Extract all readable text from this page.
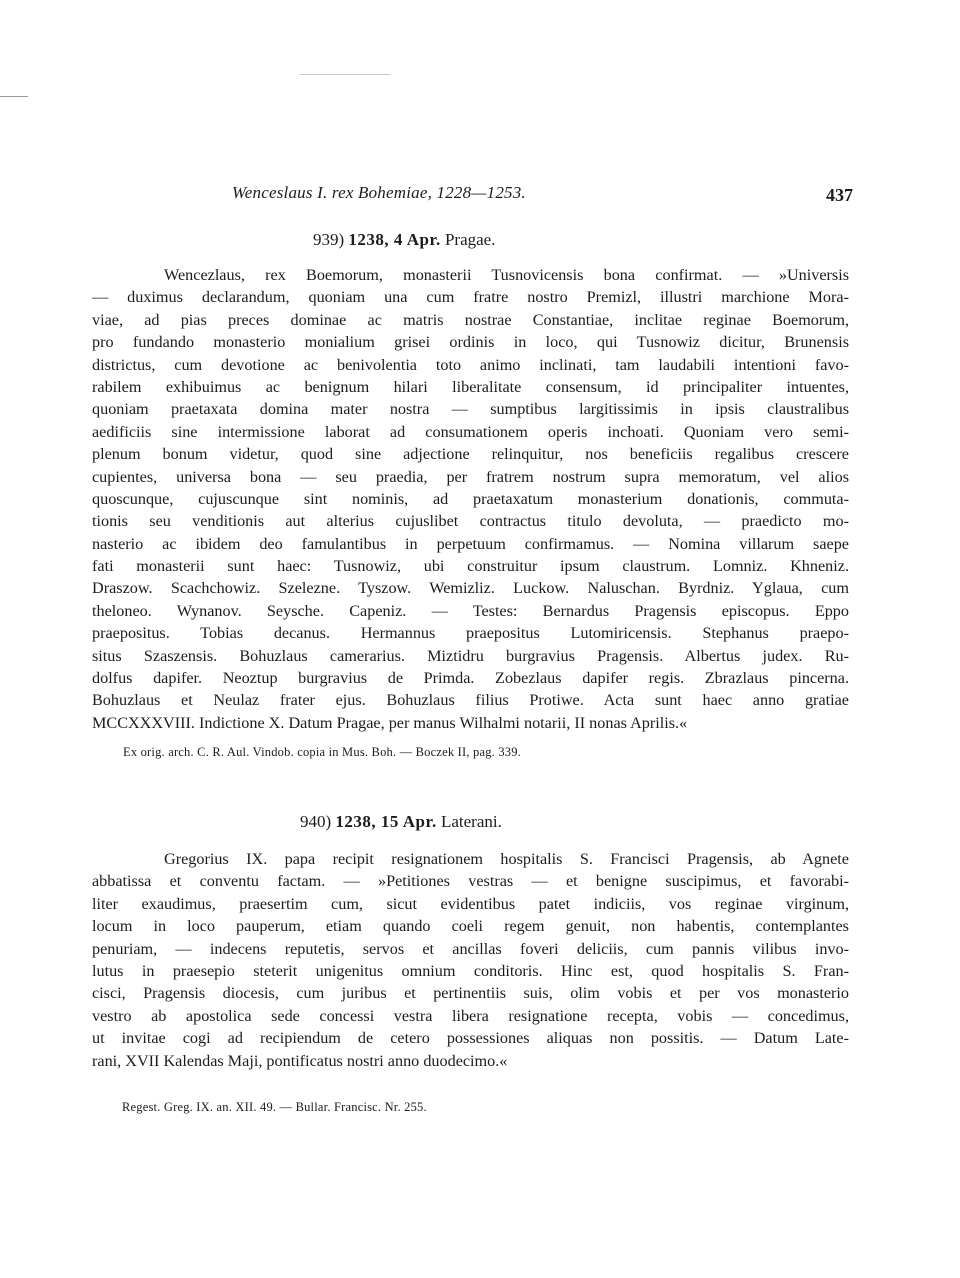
Wenceslaus I. rex Bohemiae, 1228—1253.	437
939) 1238, 4 Apr. Pragae.
Wencezlaus, rex Boemorum, monasterii Tusnovicensis bona confirmat. — »Universis
— duximus declarandum, quoniam una cum fratre nostro Premizl, illustri marchione Mora-
viae, ad pias preces dominae ac matris nostrae Constantiae, inclitae reginae Boemorum,
pro fundando monasterio monialium grisei ordinis in loco, qui Tusnowiz dicitur, Brunensis
districtus, cum devotione ac benivolentia toto animo inclinati, tam laudabili intentioni favo-
rabilem exhibuimus ac benignum hilari liberalitate consensum, id principaliter intuentes,
quoniam praetaxata domina mater nostra — sumptibus largitissimis in ipsis claustralibus
aedificiis sine intermissione laborat ad consumationem operis inchoati. Quoniam vero semi-
plenum bonum videtur, quod sine adjectione relinquitur, nos beneficiis regalibus crescere
cupientes, universa bona — seu praedia, per fratrem nostrum supra memoratum, vel alios
quoscunque, cujuscunque sint nominis, ad praetaxatum monasterium donationis, commuta-
tionis seu venditionis aut alterius cujuslibet contractus titulo devoluta, — praedicto mo-
nasterio ac ibidem deo famulantibus in perpetuum confirmamus. — Nomina villarum saepe
fati monasterii sunt haec: Tusnowiz, ubi construitur ipsum claustrum. Lomniz. Khneniz.
Draszow. Scachchowiz. Szelezne. Tyszow. Wemizliz. Luckow. Naluschan. Byrdniz. Yglaua, cum
theloneo. Wynanov. Seysche. Capeniz. — Testes: Bernardus Pragensis episcopus. Eppo
praepositus. Tobias decanus. Hermannus praepositus Lutomiricensis. Stephanus praepo-
situs Szaszensis. Bohuzlaus camerarius. Miztidru burgravius Pragensis. Albertus judex. Ru-
dolfus dapifer. Neoztup burgravius de Primda. Zobezlaus dapifer regis. Zbrazlaus pincerna.
Bohuzlaus et Neulaz frater ejus. Bohuzlaus filius Protiwe. Acta sunt haec anno gratiae
MCCXXXVIII. Indictione X. Datum Pragae, per manus Wilhalmi notarii, II nonas Aprilis.«
Ex orig. arch. C. R. Aul. Vindob. copia in Mus. Boh. — Boczek II, pag. 339.
940) 1238, 15 Apr. Laterani.
Gregorius IX. papa recipit resignationem hospitalis S. Francisci Pragensis, ab Agnete
abbatissa et conventu factam. — »Petitiones vestras — et benigne suscipimus, et favorabi-
liter exaudimus, praesertim cum, sicut evidentibus patet indiciis, vos reginae virginum,
locum in loco pauperum, etiam quando coeli regem genuit, non habentis, contemplantes
penuriam, — indecens reputetis, servos et ancillas foveri deliciis, cum pannis vilibus invo-
lutus in praesepio steterit unigenitus omnium conditoris. Hinc est, quod hospitalis S. Fran-
cisci, Pragensis diocesis, cum juribus et pertinentiis suis, olim vobis et per vos monasterio
vestro ab apostolica sede concessi vestra libera resignatione recepta, vobis — concedimus,
ut invitae cogi ad recipiendum de cetero possessiones aliquas non possitis. — Datum Late-
rani, XVII Kalendas Maji, pontificatus nostri anno duodecimo.«
Regest. Greg. IX. an. XII. 49. — Bullar. Francisc. Nr. 255.
